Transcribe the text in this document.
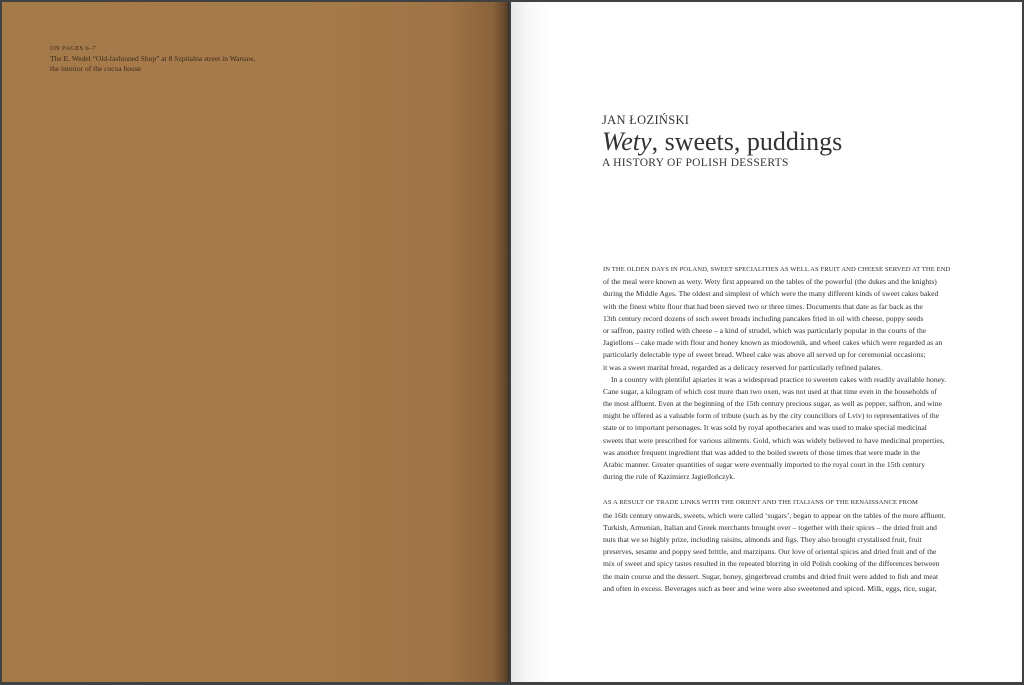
ON PAGES 6–7
The E. Wedel “Old-fashioned Shop” at 8 Szpitalna street in Warsaw,
the interior of the cocoa house
JAN ŁOZIŃSKI
Wety, sweets, puddings
A HISTORY OF POLISH DESSERTS
IN THE OLDEN DAYS IN POLAND, SWEET SPECIALITIES AS WELL AS FRUIT AND CHEESE SERVED AT THE END
of the meal were known as wety. Wety first appeared on the tables of the powerful (the dukes and the knights)
during the Middle Ages. The oldest and simplest of which were the many different kinds of sweet cakes baked
with the finest white flour that had been sieved two or three times. Documents that date as far back as the
13th century record dozens of such sweet breads including pancakes fried in oil with cheese, poppy seeds
or saffron, pastry rolled with cheese – a kind of strudel, which was particularly popular in the courts of the
Jagiellons – cake made with flour and honey known as miodownik, and wheel cakes which were regarded as an
particularly delectable type of sweet bread. Wheel cake was above all served up for ceremonial occasions;
it was a sweet marital bread, regarded as a delicacy reserved for particularly refined palates.
In a country with plentiful apiaries it was a widespread practice to sweeten cakes with readily available honey.
Cane sugar, a kilogram of which cost more than two oxen, was not used at that time even in the households of
the most affluent. Even at the beginning of the 15th century precious sugar, as well as pepper, saffron, and wine
might be offered as a valuable form of tribute (such as by the city councillors of Lviv) to representatives of the
state or to important personages. It was sold by royal apothecaries and was used to make special medicinal
sweets that were prescribed for various ailments. Gold, which was widely believed to have medicinal properties,
was another frequent ingredient that was added to the boiled sweets of those times that were made in the
Arabic manner. Greater quantities of sugar were eventually imported to the royal court in the 15th century
during the rule of Kazimierz Jagiellończyk.
AS A RESULT OF TRADE LINKS WITH THE ORIENT AND THE ITALIANS OF THE RENAISSANCE FROM
the 16th century onwards, sweets, which were called ‘sugars’, began to appear on the tables of the more affluent.
Turkish, Armenian, Italian and Greek merchants brought over – together with their spices – the dried fruit and
nuts that we so highly prize, including raisins, almonds and figs. They also brought crystalised fruit, fruit
preserves, sesame and poppy seed brittle, and marzipans. Our love of oriental spices and dried fruit and of the
mix of sweet and spicy tastes resulted in the repeated blurring in old Polish cooking of the differences between
the main course and the dessert. Sugar, honey, gingerbread crumbs and dried fruit were added to fish and meat
and often in excess. Beverages such as beer and wine were also sweetened and spiced. Milk, eggs, rice, sugar,
